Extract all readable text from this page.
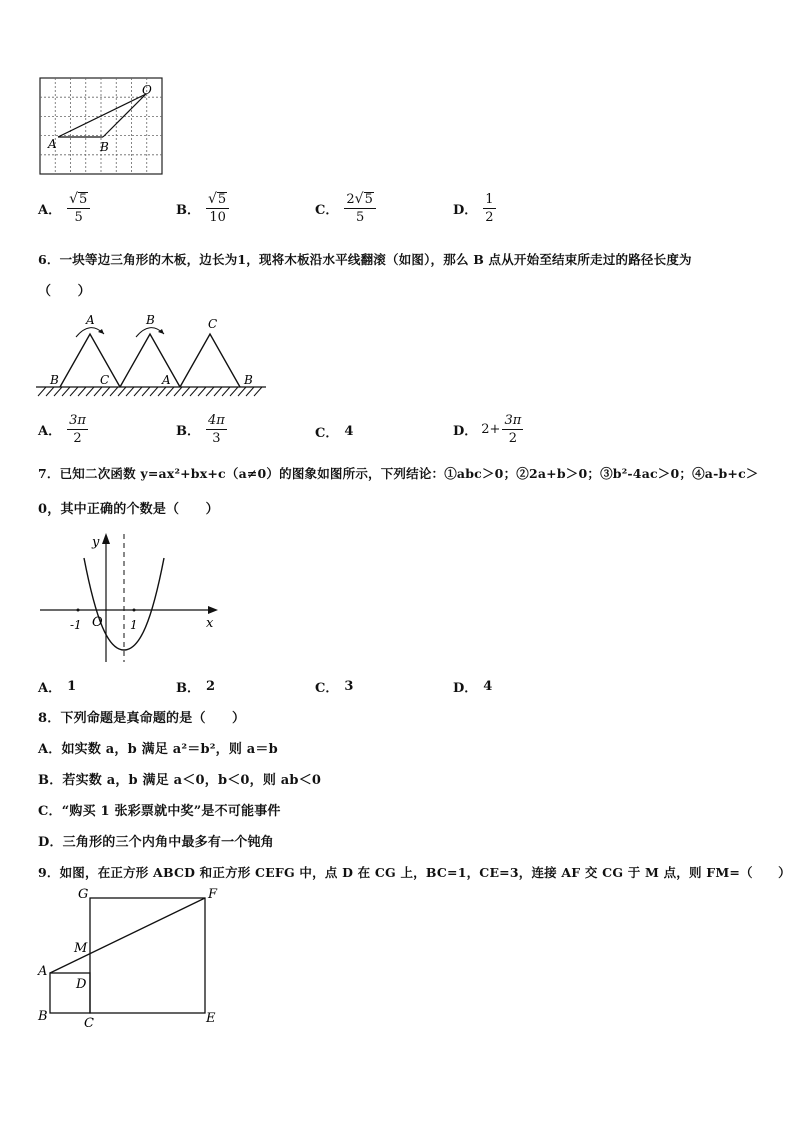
O
A	B
A． $\frac{√ 5}{5}$	B． $\frac{√ 5}{10}$	C． $\frac{2 √ 5}{5}$	D． $\frac{1}{2}$
6．一块等边三角形的木板，边长为1，现将木板沿水平线翻滚（如图），那么 B 点从开始至结束所走过的路径长度为
（　　）
B	C
A	B
A
C
B
A． $\frac{3\pi}{2}$	B． $\frac{4\pi}{3}$	C． 4	D． $2+ \frac{3\pi}{2}$
7．已知二次函数 y=ax²+bx+c（a≠0）的图象如图所示，下列结论：①abc＞0；②2a+b＞0；③b²-4ac＞0；④a-b+c＞
0，其中正确的个数是（　　）
y
x
O
-1	1
A． 1	B． 2	C． 3	D． 4
8．下列命题是真命题的是（　　）
A．如实数 a，b 满足 a²＝b²，则 a＝b
B．若实数 a，b 满足 a＜0，b＜0，则 ab＜0
C．“购买 1 张彩票就中奖”是不可能事件
D．三角形的三个内角中最多有一个钝角
9．如图，在正方形 ABCD 和正方形 CEFG 中，点 D 在 CG 上，BC=1，CE=3，连接 AF 交 CG 于 M 点，则 FM=（　　）
G	F
M
A
D
B	C	E
